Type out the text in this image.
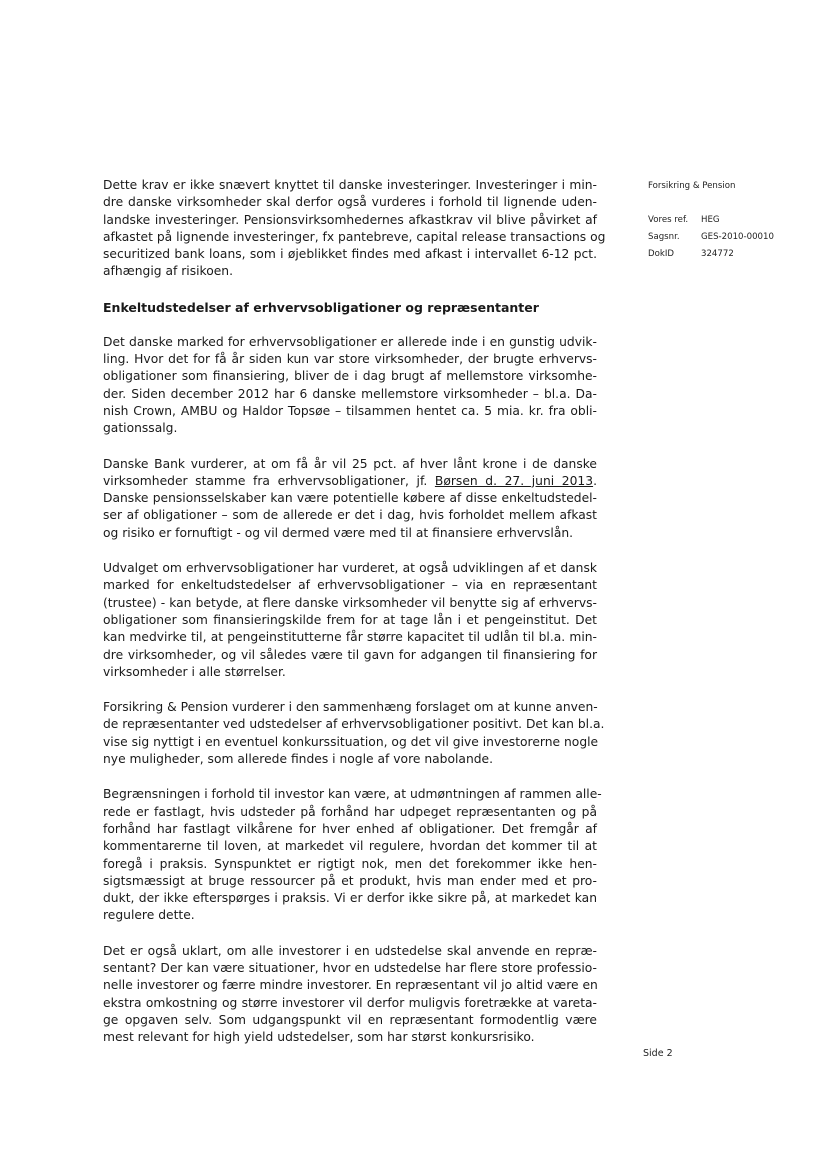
Forsikring & Pension
Vores ref.	HEG
Sagsnr.	GES-2010-00010
DokID	324772
Dette krav er ikke snævert knyttet til danske investeringer. Investeringer i min-
dre danske virksomheder skal derfor også vurderes i forhold til lignende uden-
landske investeringer. Pensionsvirksomhedernes afkastkrav vil blive påvirket af
afkastet på lignende investeringer, fx pantebreve, capital release transactions og
securitized bank loans, som i øjeblikket findes med afkast i intervallet 6-12 pct.
afhængig af risikoen.
Enkeltudstedelser af erhvervsobligationer og repræsentanter
Det danske marked for erhvervsobligationer er allerede inde i en gunstig udvik-
ling. Hvor det for få år siden kun var store virksomheder, der brugte erhvervs-
obligationer som finansiering, bliver de i dag brugt af mellemstore virksomhe-
der. Siden december 2012 har 6 danske mellemstore virksomheder – bl.a. Da-
nish Crown, AMBU og Haldor Topsøe – tilsammen hentet ca. 5 mia. kr. fra obli-
gationssalg.
Danske Bank vurderer, at om få år vil 25 pct. af hver lånt krone i de danske
virksomheder stamme fra erhvervsobligationer, jf. Børsen d. 27. juni 2013.
Danske pensionsselskaber kan være potentielle købere af disse enkeltudstedel-
ser af obligationer – som de allerede er det i dag, hvis forholdet mellem afkast
og risiko er fornuftigt - og vil dermed være med til at finansiere erhvervslån.
Udvalget om erhvervsobligationer har vurderet, at også udviklingen af et dansk
marked for enkeltudstedelser af erhvervsobligationer – via en repræsentant
(trustee) - kan betyde, at flere danske virksomheder vil benytte sig af erhvervs-
obligationer som finansieringskilde frem for at tage lån i et pengeinstitut. Det
kan medvirke til, at pengeinstitutterne får større kapacitet til udlån til bl.a. min-
dre virksomheder, og vil således være til gavn for adgangen til finansiering for
virksomheder i alle størrelser.
Forsikring & Pension vurderer i den sammenhæng forslaget om at kunne anven-
de repræsentanter ved udstedelser af erhvervsobligationer positivt. Det kan bl.a.
vise sig nyttigt i en eventuel konkurssituation, og det vil give investorerne nogle
nye muligheder, som allerede findes i nogle af vore nabolande.
Begrænsningen i forhold til investor kan være, at udmøntningen af rammen alle-
rede er fastlagt, hvis udsteder på forhånd har udpeget repræsentanten og på
forhånd har fastlagt vilkårene for hver enhed af obligationer. Det fremgår af
kommentarerne til loven, at markedet vil regulere, hvordan det kommer til at
foregå i praksis. Synspunktet er rigtigt nok, men det forekommer ikke hen-
sigtsmæssigt at bruge ressourcer på et produkt, hvis man ender med et pro-
dukt, der ikke efterspørges i praksis. Vi er derfor ikke sikre på, at markedet kan
regulere dette.
Det er også uklart, om alle investorer i en udstedelse skal anvende en repræ-
sentant? Der kan være situationer, hvor en udstedelse har flere store professio-
nelle investorer og færre mindre investorer. En repræsentant vil jo altid være en
ekstra omkostning og større investorer vil derfor muligvis foretrække at vareta-
ge opgaven selv. Som udgangspunkt vil en repræsentant formodentlig være
mest relevant for high yield udstedelser, som har størst konkursrisiko.
Side 2
